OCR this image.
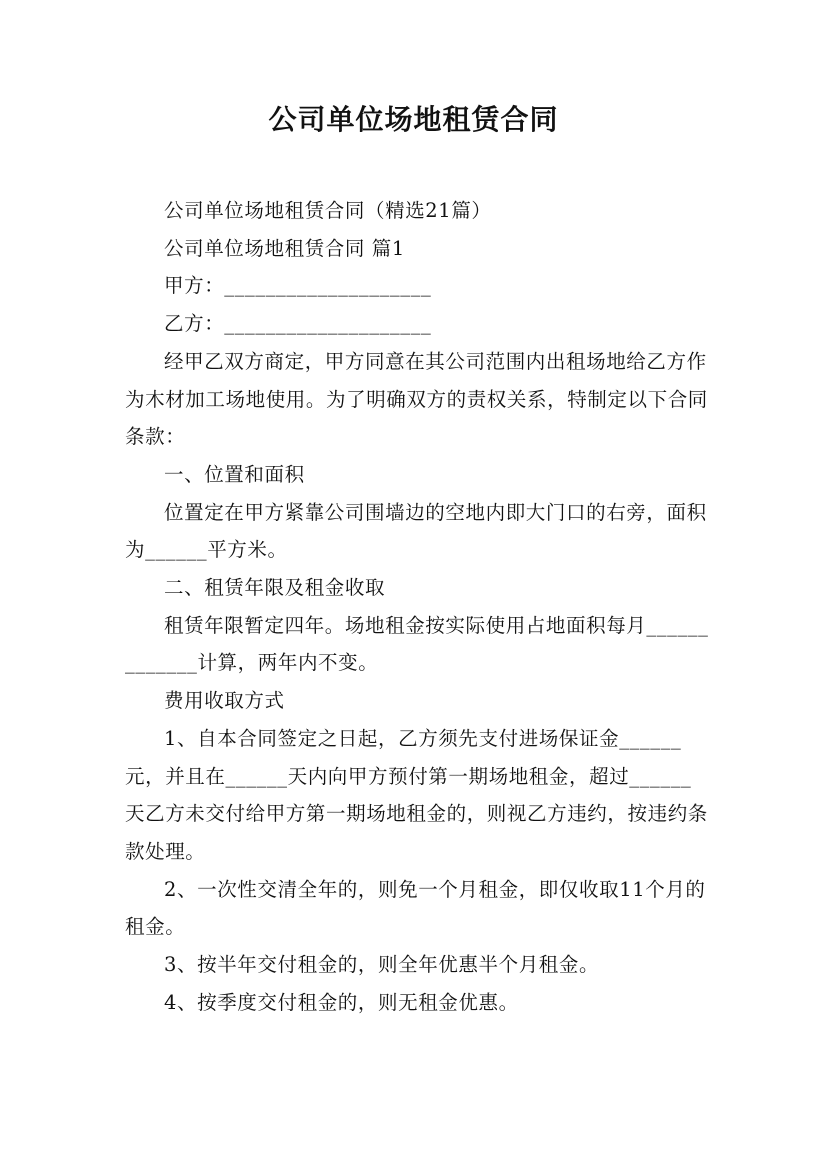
公司单位场地租赁合同

公司单位场地租赁合同（精选21篇）

公司单位场地租赁合同 篇1

甲方：____________________

乙方：____________________

经甲乙双方商定，甲方同意在其公司范围内出租场地给乙方作为木材加工场地使用。为了明确双方的责权关系，特制定以下合同条款：

一、位置和面积

位置定在甲方紧靠公司围墙边的空地内即大门口的右旁，面积为______平方米。

二、租赁年限及租金收取

租赁年限暂定四年。场地租金按实际使用占地面积每月_____________计算，两年内不变。

费用收取方式

1、自本合同签定之日起，乙方须先支付进场保证金______元，并且在______天内向甲方预付第一期场地租金，超过______天乙方未交付给甲方第一期场地租金的，则视乙方违约，按违约条款处理。

2、一次性交清全年的，则免一个月租金，即仅收取11个月的租金。

3、按半年交付租金的，则全年优惠半个月租金。

4、按季度交付租金的，则无租金优惠。
